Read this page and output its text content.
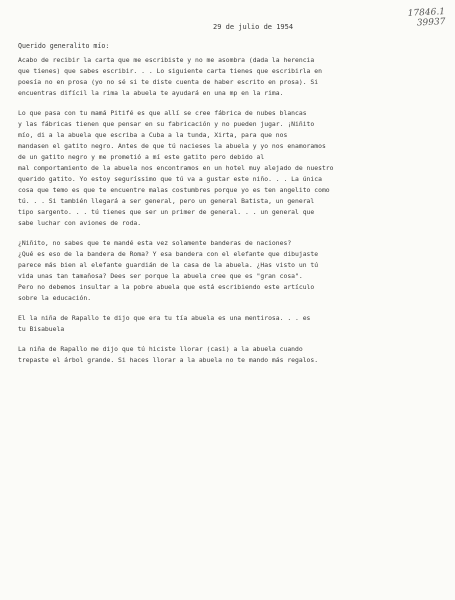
17846.1
39937
29 de julio de 1954
Querido generalito mío:
Acabo de recibir la carta que me escribiste y no me asombra (dada la herencia
que tienes) que sabes escribir. . . Lo siguiente carta tienes que escribirla en
poesía no en prosa (yo no sé si te diste cuenta de haber escrito en prosa). Si
encuentras difícil la rima la abuela te ayudará en una mp en la rima.
Lo que pasa con tu mamá Pitifé es que allí se cree fábrica de nubes blancas
y las fábricas tienen que pensar en su fabricación y no pueden jugar. ¡Niñito
mío, di a la abuela que escriba a Cuba a la tunda, Xirta, para que nos
mandasen el gatito negro. Antes de que tú nacieses la abuela y yo nos enamoramos
de un gatito negro y me prometió a mí este gatito pero debido al
mal comportamiento de la abuela nos encontramos en un hotel muy alejado de nuestro
querido gatito. Yo estoy seguríssimo que tú va a gustar este niño. . . La única
cosa que temo es que te encuentre malas costumbres porque yo es ten angelito como
tú. . . Si también llegará a ser general, pero un general Batista, un general
tipo sargento. . . tú tienes que ser un primer de general. . . un general que
sabe luchar con aviones de roda.
¿Niñito, no sabes que te mandé esta vez solamente banderas de naciones?
¿Qué es eso de la bandera de Roma? Y esa bandera con el elefante que dibujaste
parece más bien al elefante guardián de la casa de la abuela. ¿Has visto un tú
vida unas tan tamañosa? Dees ser porque la abuela cree que es "gran cosa".
Pero no debemos insultar a la pobre abuela que está escribiendo este artículo
sobre la educación.
El la niña de Rapallo te dijo que era tu tía abuela es una mentirosa. . . es
tu Bisabuela
La niña de Rapallo me dijo que tú hiciste llorar (casi) a la abuela cuando
trepaste el árbol grande. Si haces llorar a la abuela no te mando más regalos.
